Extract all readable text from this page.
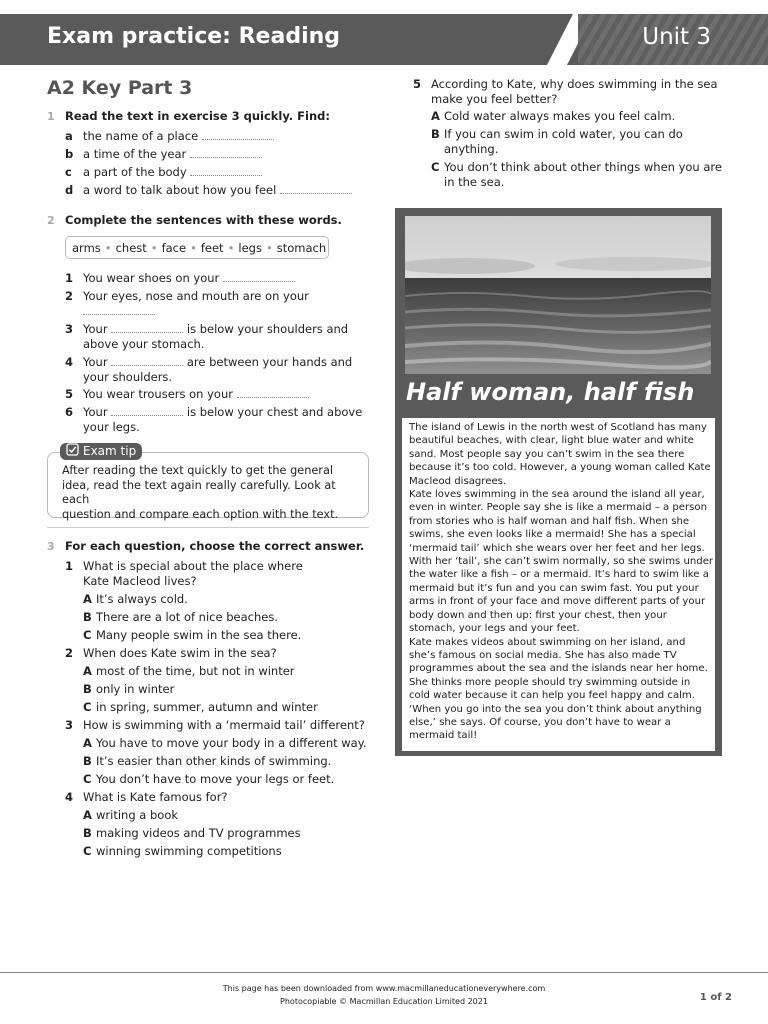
Exam practice: Reading	Unit 3
A2 Key Part 3
1 Read the text in exercise 3 quickly. Find:
a the name of a place
b a time of the year
c a part of the body
d a word to talk about how you feel
2 Complete the sentences with these words.
arms • chest • face • feet • legs • stomach
1 You wear shoes on your
2 Your eyes, nose and mouth are on your

3 Your	is below your shoulders and
above your stomach.
4 Your	are between your hands and
your shoulders.
5 You wear trousers on your
6 Your	is below your chest and above
your legs.
Exam tip
After reading the text quickly to get the general
idea, read the text again really carefully. Look at each
question and compare each option with the text.
3 For each question, choose the correct answer.
1 What is special about the place where
Kate Macleod lives?
A It’s always cold.
B There are a lot of nice beaches.
C Many people swim in the sea there.
2 When does Kate swim in the sea?
A most of the time, but not in winter
B only in winter
C in spring, summer, autumn and winter
3 How is swimming with a ‘mermaid tail’ different?
A You have to move your body in a different way.
B It’s easier than other kinds of swimming.
C You don’t have to move your legs or feet.
4 What is Kate famous for?
A writing a book
B making videos and TV programmes
C winning swimming competitions
5 According to Kate, why does swimming in the sea
make you feel better?
A Cold water always makes you feel calm.
B If you can swim in cold water, you can do
anything.
C You don’t think about other things when you are
in the sea.
Half woman, half fish

The island of Lewis in the north west of Scotland has many beautiful beaches, with clear, light blue water and white sand. Most people say you can’t swim in the sea there because it’s too cold. However, a young woman called Kate Macleod disagrees.

Kate loves swimming in the sea around the island all year, even in winter. People say she is like a mermaid – a person from stories who is half woman and half fish. When she swims, she even looks like a mermaid! She has a special ‘mermaid tail’ which she wears over her feet and her legs. With her ‘tail’, she can’t swim normally, so she swims under the water like a fish – or a mermaid. It’s hard to swim like a mermaid but it’s fun and you can swim fast. You put your arms in front of your face and move different parts of your body down and then up: first your chest, then your stomach, your legs and your feet.

Kate makes videos about swimming on her island, and she’s famous on social media. She has also made TV programmes about the sea and the islands near her home. She thinks more people should try swimming outside in cold water because it can help you feel happy and calm. ‘When you go into the sea you don’t think about anything else,’ she says. Of course, you don’t have to wear a mermaid tail!

This page has been downloaded from www.macmillaneducationeverywhere.com
Photocopiable © Macmillan Education Limited 2021	1 of 2
